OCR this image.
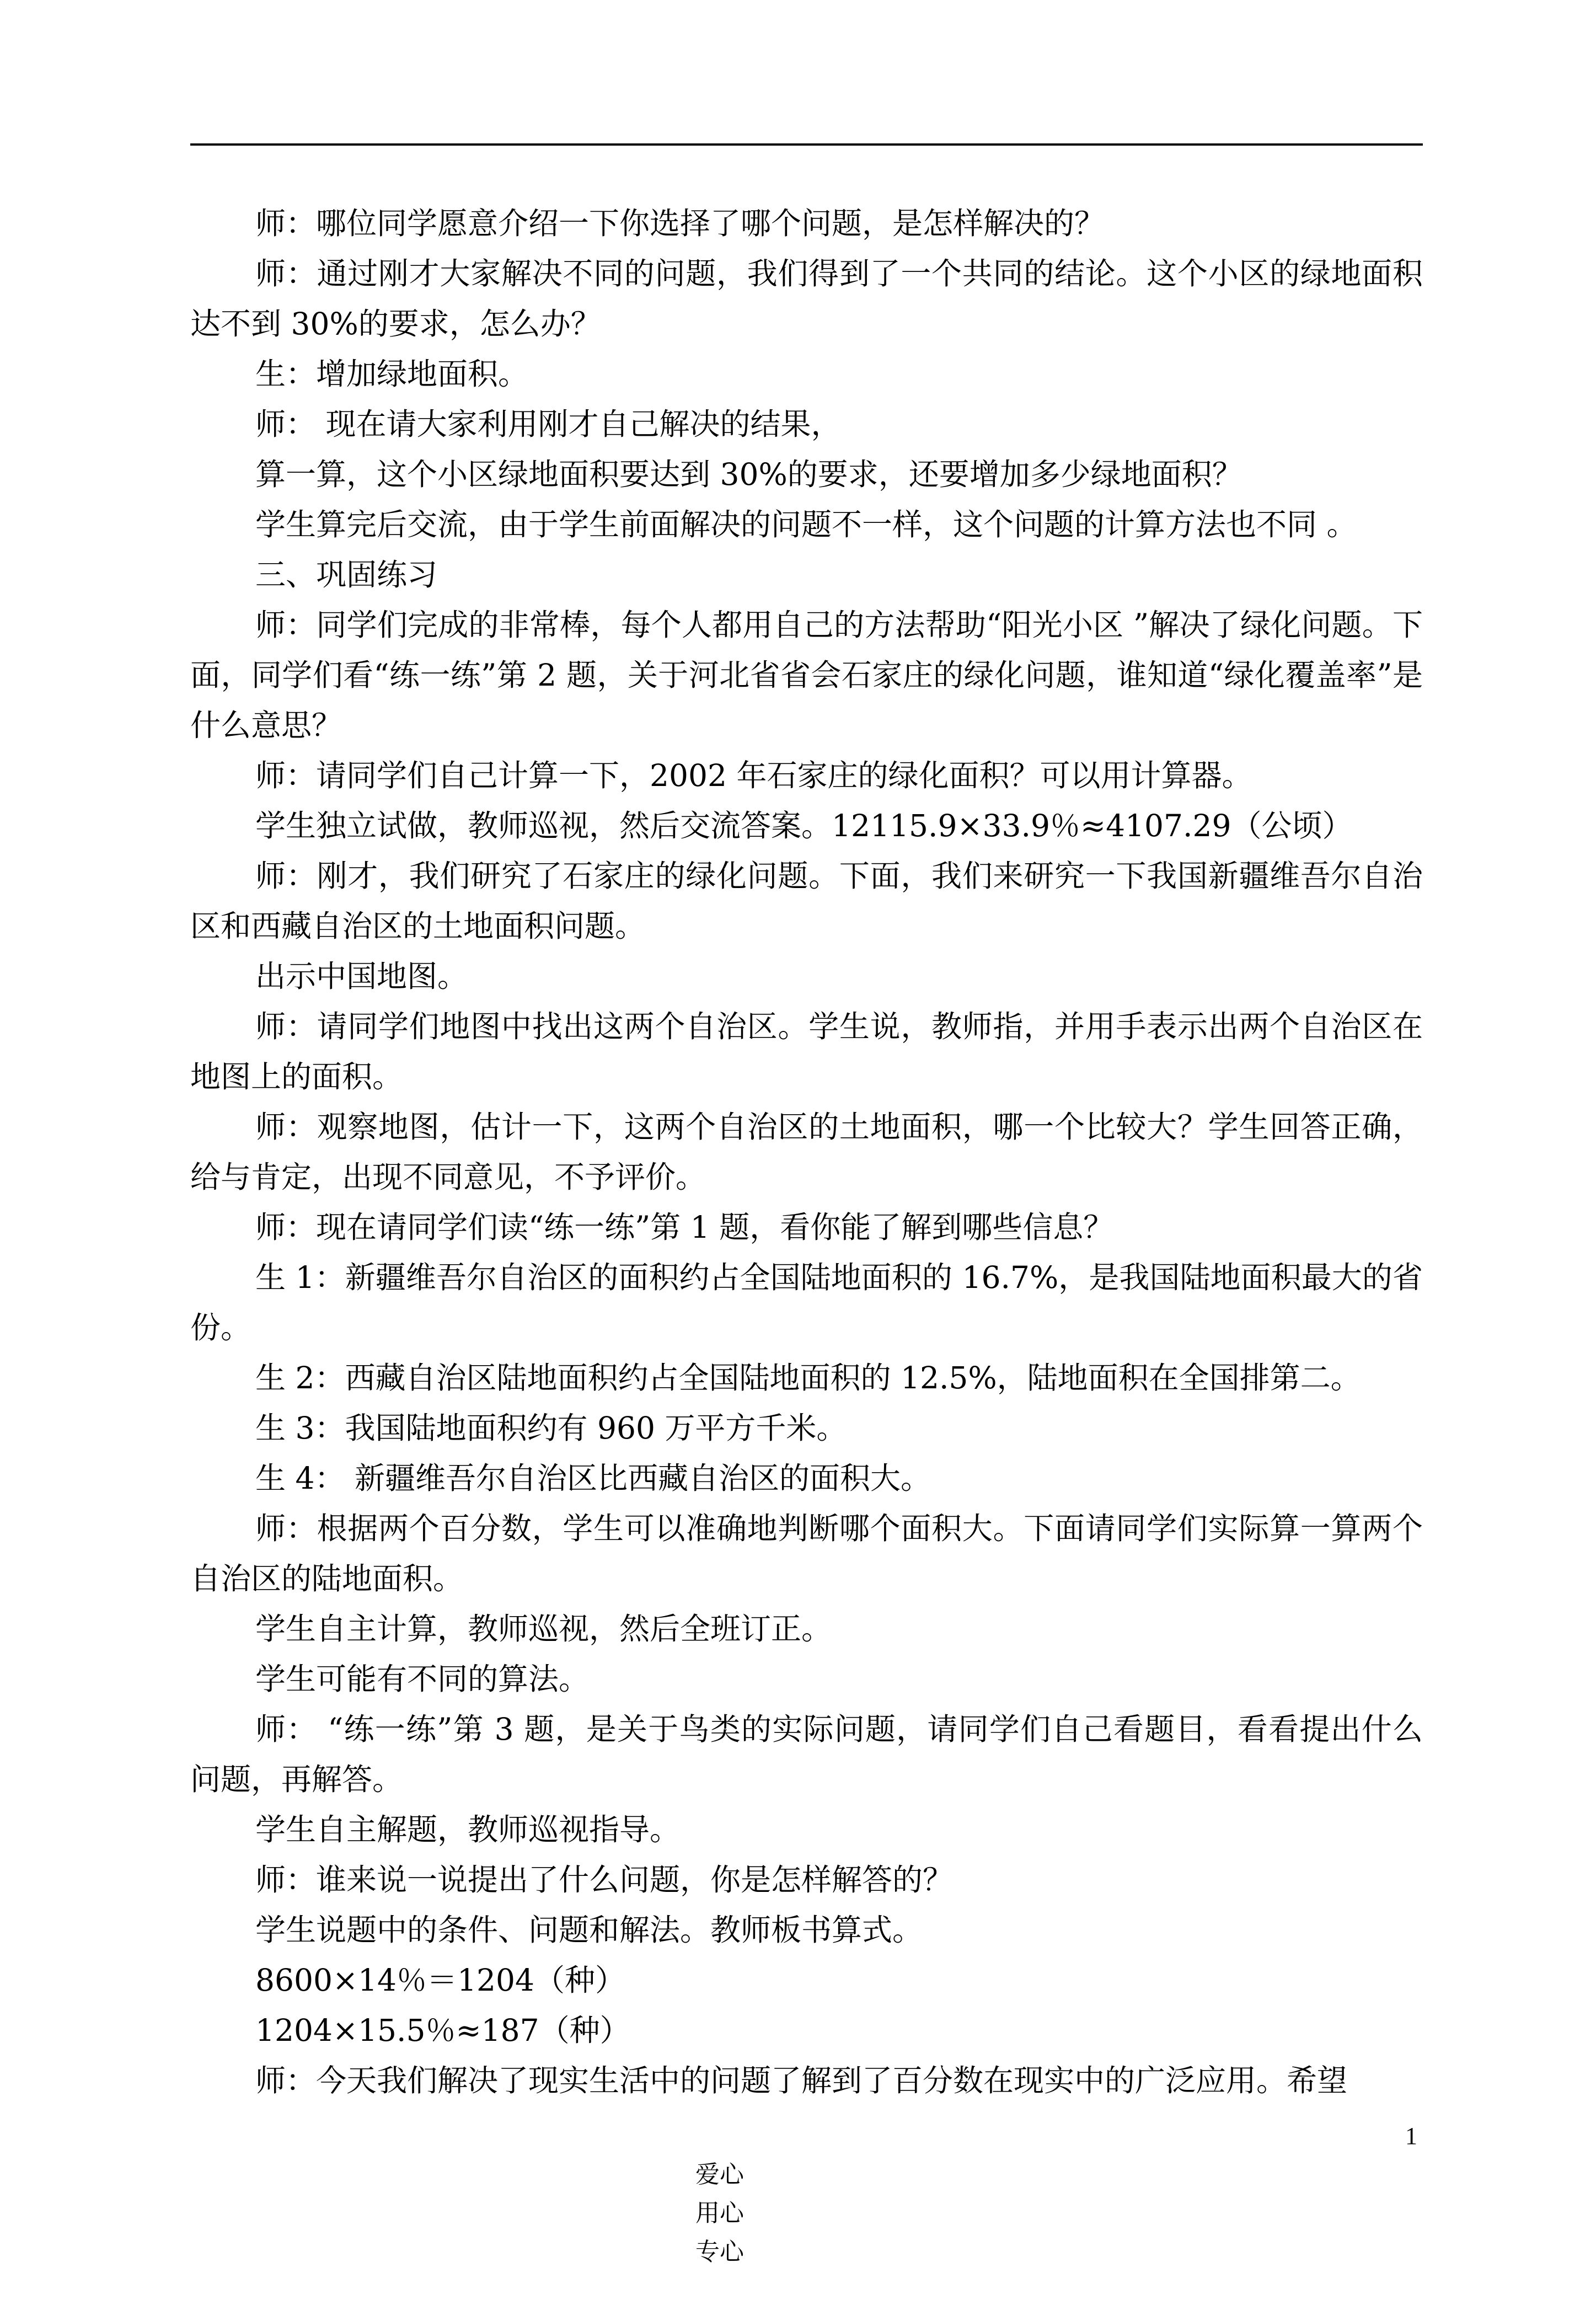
师：哪位同学愿意介绍一下你选择了哪个问题，是怎样解决的？

师：通过刚才大家解决不同的问题，我们得到了一个共同的结论。这个小区的绿地面积达不到 30%的要求，怎么办？

生：增加绿地面积。

师： 现在请大家利用刚才自己解决的结果，

算一算，这个小区绿地面积要达到 30%的要求，还要增加多少绿地面积？

学生算完后交流，由于学生前面解决的问题不一样，这个问题的计算方法也不同 。

三、巩固练习

师：同学们完成的非常棒，每个人都用自己的方法帮助“阳光小区 ”解决了绿化问题。下面，同学们看“练一练”第 2 题，关于河北省省会石家庄的绿化问题，谁知道“绿化覆盖率”是什么意思？

师：请同学们自己计算一下，2002 年石家庄的绿化面积？可以用计算器。

学生独立试做，教师巡视，然后交流答案。12115.9×33.9％≈4107.29（公顷）

师：刚才，我们研究了石家庄的绿化问题。下面，我们来研究一下我国新疆维吾尔自治区和西藏自治区的土地面积问题。

出示中国地图。

师：请同学们地图中找出这两个自治区。学生说，教师指，并用手表示出两个自治区在地图上的面积。

师：观察地图，估计一下，这两个自治区的土地面积，哪一个比较大？学生回答正确，给与肯定，出现不同意见，不予评价。

师：现在请同学们读“练一练”第 1 题，看你能了解到哪些信息？

生 1：新疆维吾尔自治区的面积约占全国陆地面积的 16.7%，是我国陆地面积最大的省份。

生 2：西藏自治区陆地面积约占全国陆地面积的 12.5%，陆地面积在全国排第二。

生 3：我国陆地面积约有 960 万平方千米。

生 4： 新疆维吾尔自治区比西藏自治区的面积大。

师：根据两个百分数，学生可以准确地判断哪个面积大。下面请同学们实际算一算两个自治区的陆地面积。

学生自主计算，教师巡视，然后全班订正。

学生可能有不同的算法。

师： “练一练”第 3 题，是关于鸟类的实际问题，请同学们自己看题目，看看提出什么问题，再解答。

学生自主解题，教师巡视指导。

师：谁来说一说提出了什么问题，你是怎样解答的？

学生说题中的条件、问题和解法。教师板书算式。

8600×14％＝1204（种）

1204×15.5％≈187（种）

师：今天我们解决了现实生活中的问题了解到了百分数在现实中的广泛应用。希望

爱心
用心
专心

1
